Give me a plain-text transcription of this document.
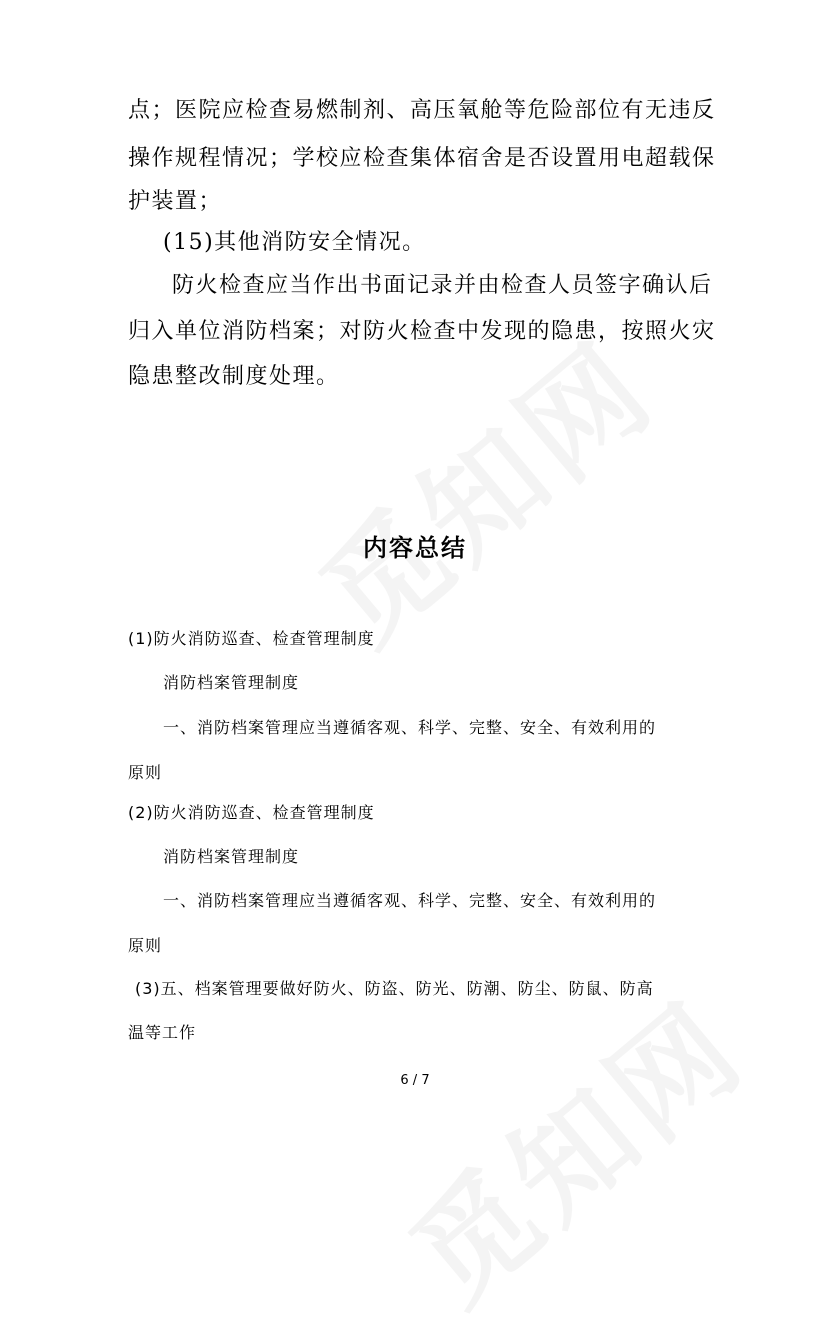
点；医院应检查易燃制剂、高压氧舱等危险部位有无违反
操作规程情况；学校应检查集体宿舍是否设置用电超载保
护装置；
(15)其他消防安全情况。
防火检查应当作出书面记录并由检查人员签字确认后
归入单位消防档案；对防火检查中发现的隐患，按照火灾
隐患整改制度处理。
内容总结
(1)防火消防巡查、检查管理制度
消防档案管理制度
一、消防档案管理应当遵循客观、科学、完整、安全、有效利用的
原则
(2)防火消防巡查、检查管理制度
消防档案管理制度
一、消防档案管理应当遵循客观、科学、完整、安全、有效利用的
原则
(3)五、档案管理要做好防火、防盗、防光、防潮、防尘、防鼠、防高
温等工作
6 / 7
